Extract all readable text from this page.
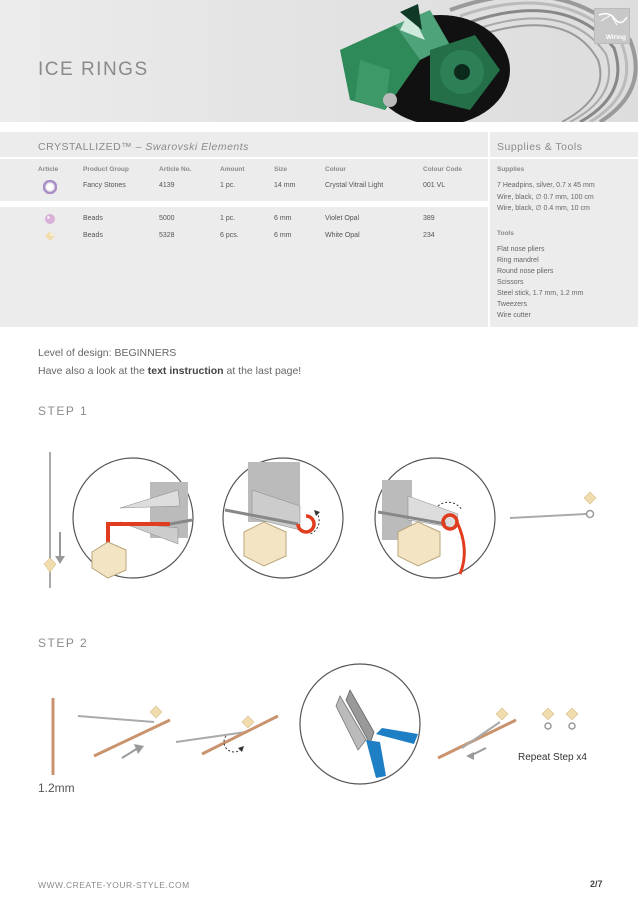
ICE RINGS
Wiring
CRYSTALLIZED™ – Swarovski Elements	Supplies & Tools
Article	Product Group	Article No.	Amount	Size	Colour	Colour Code
Fancy Stones	4139	1 pc.	14 mm	Crystal Vitrail Light	001 VL
Beads	5000	1 pc.	6 mm	Violet Opal	389
Beads	5328	6 pcs.	6 mm	White Opal	234
Supplies
7 Headpins, silver, 0.7 x 45 mm
Wire, black, ∅ 0.7 mm, 100 cm
Wire, black, ∅ 0.4 mm, 10 cm
Tools
Flat nose pliers
Ring mandrel
Round nose pliers
Scissors
Steel stick, 1.7 mm, 1.2 mm
Tweezers
Wire cutter
Level of design: BEGINNERS
Have also a look at the text instruction at the last page!
STEP 1
STEP 2
1.2mm
Repeat Step x4
WWW.CREATE-YOUR-STYLE.COM	2/7
